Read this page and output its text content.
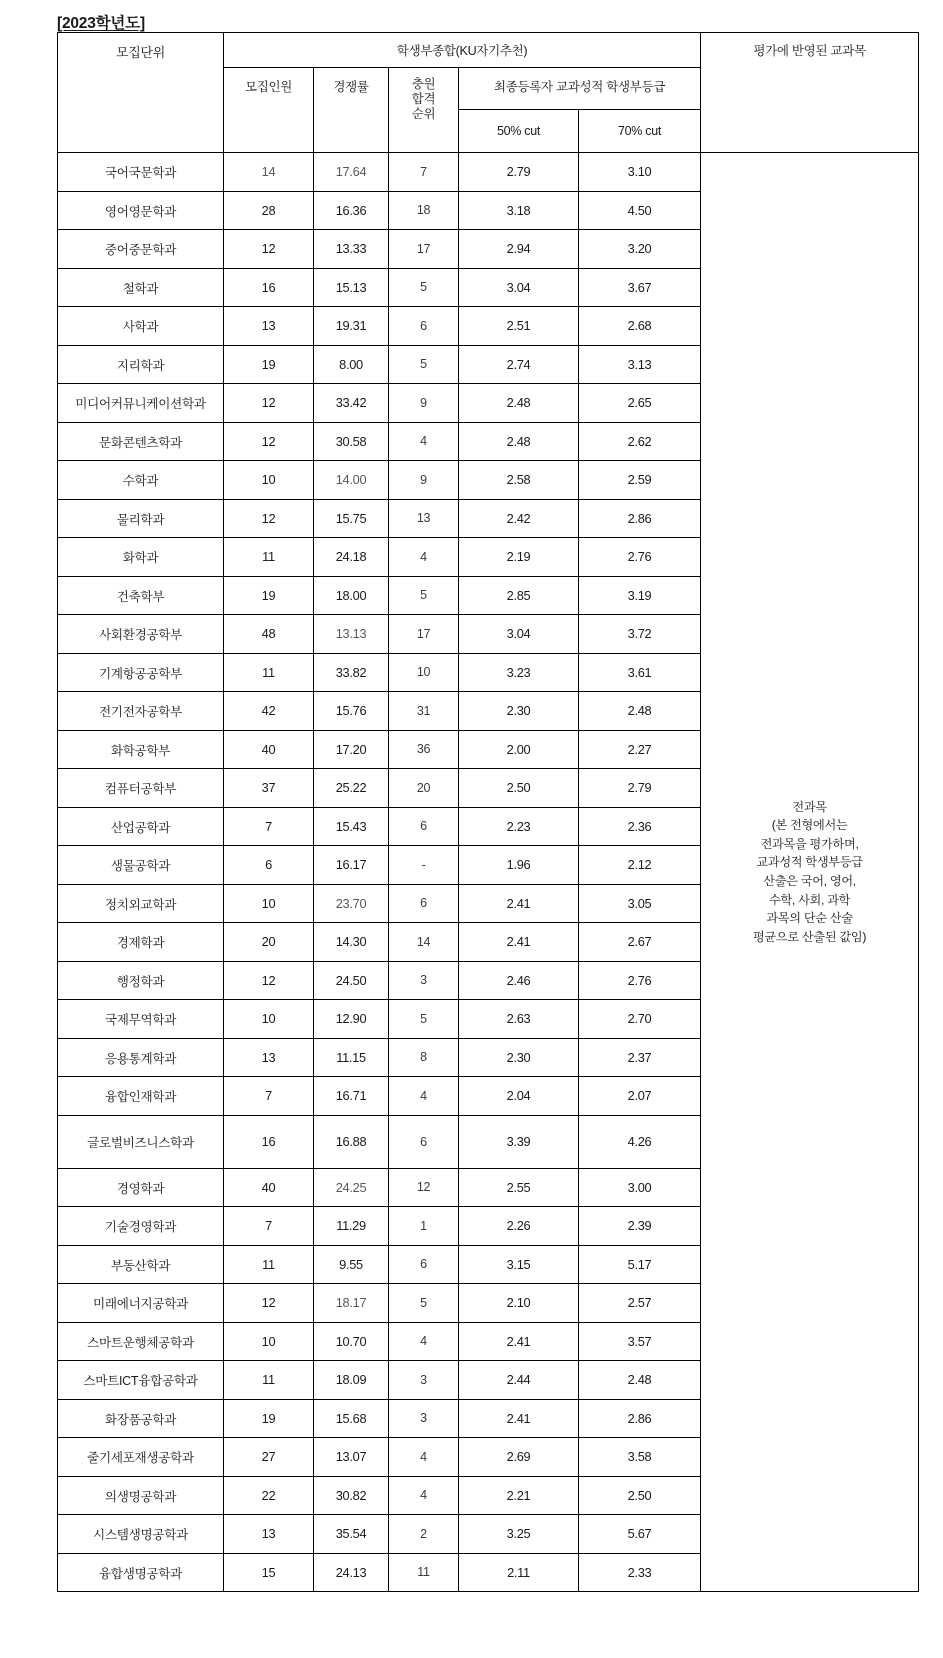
[2023학년도]
모집단위	학생부종합(KU자기추천)					평가에 반영된 교과목
	모집인원	경쟁률	충원
합격
순위	최종등록자 교과성적 학생부등급		
				50% cut	70% cut	
국어국문학과	14	17.64	7	2.79	3.10	
전과목
(본 전형에서는
전과목을 평가하며,
교과성적 학생부등급
산출은 국어, 영어,
수학, 사회, 과학
과목의 단순 산술
평균으로 산출된 값임)

영어영문학과	28	16.36	18	3.18	4.50	
중어중문학과	12	13.33	17	2.94	3.20	
철학과	16	15.13	5	3.04	3.67	
사학과	13	19.31	6	2.51	2.68	
지리학과	19	8.00	5	2.74	3.13	
미디어커뮤니케이션학과	12	33.42	9	2.48	2.65	
문화콘텐츠학과	12	30.58	4	2.48	2.62	
수학과	10	14.00	9	2.58	2.59	
물리학과	12	15.75	13	2.42	2.86	
화학과	11	24.18	4	2.19	2.76	
건축학부	19	18.00	5	2.85	3.19	
사회환경공학부	48	13.13	17	3.04	3.72	
기계항공공학부	11	33.82	10	3.23	3.61	
전기전자공학부	42	15.76	31	2.30	2.48	
화학공학부	40	17.20	36	2.00	2.27	
컴퓨터공학부	37	25.22	20	2.50	2.79	
산업공학과	7	15.43	6	2.23	2.36	
생물공학과	6	16.17	-	1.96	2.12	
정치외교학과	10	23.70	6	2.41	3.05	
경제학과	20	14.30	14	2.41	2.67	
행정학과	12	24.50	3	2.46	2.76	
국제무역학과	10	12.90	5	2.63	2.70	
응용통계학과	13	11.15	8	2.30	2.37	
융합인재학과	7	16.71	4	2.04	2.07	
글로벌비즈니스학과	16	16.88	6	3.39	4.26	
경영학과	40	24.25	12	2.55	3.00	
기술경영학과	7	11.29	1	2.26	2.39	
부동산학과	11	9.55	6	3.15	5.17	
미래에너지공학과	12	18.17	5	2.10	2.57	
스마트운행체공학과	10	10.70	4	2.41	3.57	
스마트ICT융합공학과	11	18.09	3	2.44	2.48	
화장품공학과	19	15.68	3	2.41	2.86	
줄기세포재생공학과	27	13.07	4	2.69	3.58	
의생명공학과	22	30.82	4	2.21	2.50	
시스템생명공학과	13	35.54	2	3.25	5.67	
융합생명공학과	15	24.13	11	2.11	2.33	
